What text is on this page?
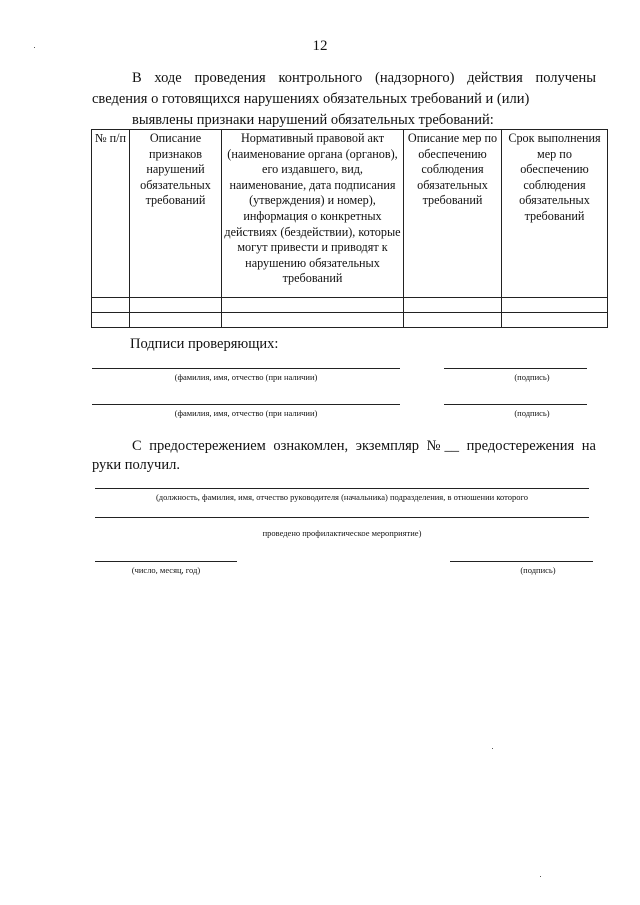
12
В ходе проведения контрольного (надзорного) действия получены сведения о готовящихся нарушениях обязательных требований и (или)
выявлены признаки нарушений обязательных требований:
№ п/п	Описание признаков нарушений обязательных требований	Нормативный правовой акт (наименование органа (органов), его издавшего, вид, наименование, дата подписания (утверждения) и номер), информация о конкретных действиях (бездействии), которые могут привести и приводят к нарушению обязательных требований	Описание мер по обеспечению соблюдения обязательных требований	Срок выполнения мер по обеспечению соблюдения обязательных требований

Подписи проверяющих:
(фамилия, имя, отчество (при наличии)	(подпись)
(фамилия, имя, отчество (при наличии)	(подпись)
С предостережением ознакомлен, экземпляр №__ предостережения на руки получил.
(должность, фамилия, имя, отчество руководителя (начальника) подразделения, в отношении которого
проведено профилактическое мероприятие)
(число, месяц, год)	(подпись)
